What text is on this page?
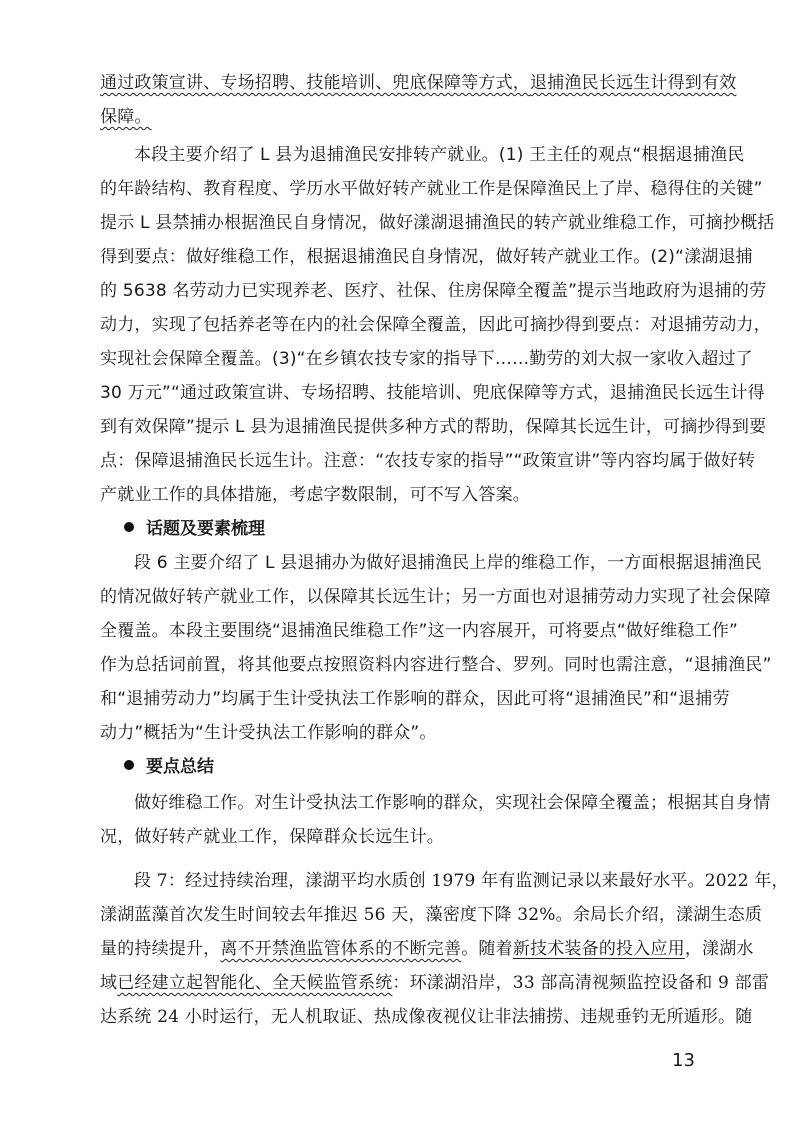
通过政策宣讲、专场招聘、技能培训、兜底保障等方式，退捕渔民长远生计得到有效
保障。
本段主要介绍了 L 县为退捕渔民安排转产就业。(1) 王主任的观点“根据退捕渔民
的年龄结构、教育程度、学历水平做好转产就业工作是保障渔民上了岸、稳得住的关键”
提示 L 县禁捕办根据渔民自身情况，做好漾湖退捕渔民的转产就业维稳工作，可摘抄概括
得到要点：做好维稳工作，根据退捕渔民自身情况，做好转产就业工作。(2)“漾湖退捕
的 5638 名劳动力已实现养老、医疗、社保、住房保障全覆盖”提示当地政府为退捕的劳
动力，实现了包括养老等在内的社会保障全覆盖，因此可摘抄得到要点：对退捕劳动力，
实现社会保障全覆盖。(3)“在乡镇农技专家的指导下……勤劳的刘大叔一家收入超过了
30 万元”“通过政策宣讲、专场招聘、技能培训、兜底保障等方式，退捕渔民长远生计得
到有效保障”提示 L 县为退捕渔民提供多种方式的帮助，保障其长远生计，可摘抄得到要
点：保障退捕渔民长远生计。注意：“农技专家的指导”“政策宣讲”等内容均属于做好转
产就业工作的具体措施，考虑字数限制，可不写入答案。
话题及要素梳理
段 6 主要介绍了 L 县退捕办为做好退捕渔民上岸的维稳工作，一方面根据退捕渔民
的情况做好转产就业工作，以保障其长远生计；另一方面也对退捕劳动力实现了社会保障
全覆盖。本段主要围绕“退捕渔民维稳工作”这一内容展开，可将要点“做好维稳工作”
作为总括词前置，将其他要点按照资料内容进行整合、罗列。同时也需注意，“退捕渔民”
和“退捕劳动力”均属于生计受执法工作影响的群众，因此可将“退捕渔民”和“退捕劳
动力”概括为“生计受执法工作影响的群众”。
要点总结
做好维稳工作。对生计受执法工作影响的群众，实现社会保障全覆盖；根据其自身情
况，做好转产就业工作，保障群众长远生计。
段 7：经过持续治理，漾湖平均水质创 1979 年有监测记录以来最好水平。2022 年，
漾湖蓝藻首次发生时间较去年推迟 56 天，藻密度下降 32%。余局长介绍，漾湖生态质
量的持续提升，离不开禁渔监管体系的不断完善。随着新技术装备的投入应用，漾湖水
域已经建立起智能化、全天候监管系统：环漾湖沿岸，33 部高清视频监控设备和 9 部雷
达系统 24 小时运行，无人机取证、热成像夜视仪让非法捕捞、违规垂钓无所遁形。随
13
